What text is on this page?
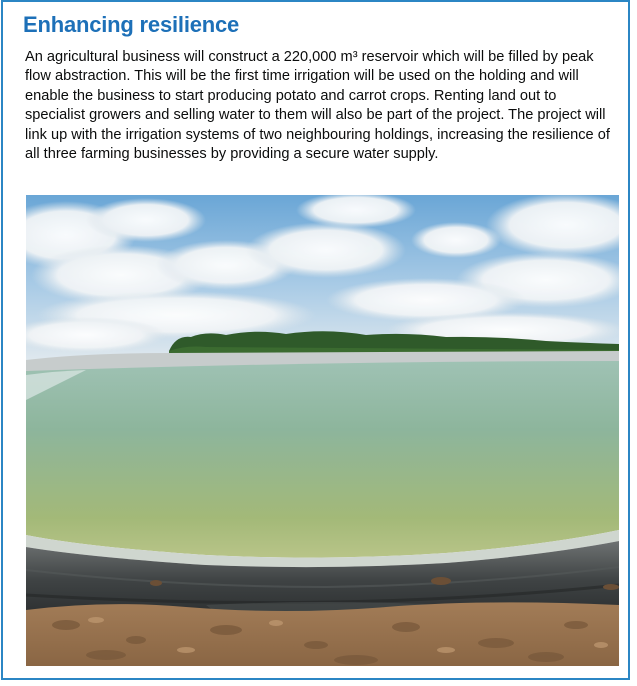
Enhancing resilience

An agricultural business will construct a 220,000 m³ reservoir which will be filled by peak flow abstraction. This will be the first time irrigation will be used on the holding and will enable the business to start producing potato and carrot crops. Renting land out to specialist growers and selling water to them will also be part of the project. The project will link up with the irrigation systems of two neighbouring holdings, increasing the resilience of all three farming businesses by providing a secure water supply.
